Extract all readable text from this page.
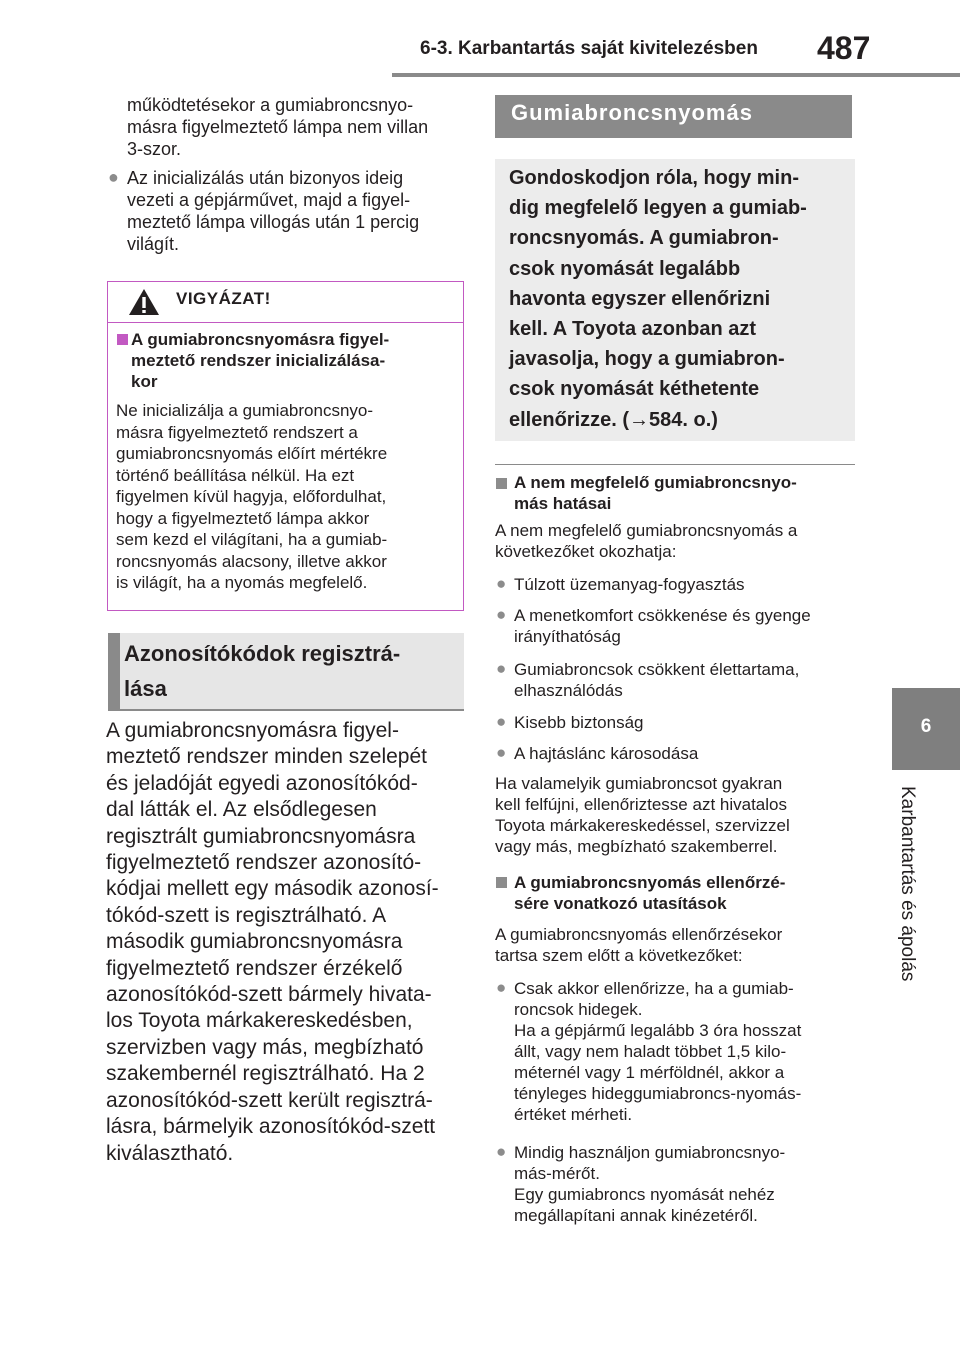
6-3. Karbantartás saját kivitelezésben 487
6
Karbantartás és ápolás
működtetésekor a gumiabroncsnyo-
másra figyelmeztető lámpa nem villan
3-szor.
● Az inicializálás után bizonyos ideig
vezeti a gépjárművet, majd a figyel-
meztető lámpa villogás után 1 percig
világít.
VIGYÁZAT!
A gumiabroncsnyomásra figyel-
meztető rendszer inicializálása-
kor
Ne inicializálja a gumiabroncsnyo-
másra figyelmeztető rendszert a
gumiabroncsnyomás előírt mértékre
történő beállítása nélkül. Ha ezt
figyelmen kívül hagyja, előfordulhat,
hogy a figyelmeztető lámpa akkor
sem kezd el világítani, ha a gumiab-
roncsnyomás alacsony, illetve akkor
is világít, ha a nyomás megfelelő.
Azonosítókódok regisztrá-
lása
A gumiabroncsnyomásra figyel-
meztető rendszer minden szelepét
és jeladóját egyedi azonosítókód-
dal látták el. Az elsődlegesen
regisztrált gumiabroncsnyomásra
figyelmeztető rendszer azonosító-
kódjai mellett egy második azonosí-
tókód-szett is regisztrálható. A
második gumiabroncsnyomásra
figyelmeztető rendszer érzékelő
azonosítókód-szett bármely hivata-
los Toyota márkakereskedésben,
szervizben vagy más, megbízható
szakembernél regisztrálható. Ha 2
azonosítókód-szett került regisztrá-
lásra, bármelyik azonosítókód-szett
kiválasztható.
Gumiabroncsnyomás
Gondoskodjon róla, hogy min-
dig megfelelő legyen a gumiab-
roncsnyomás. A gumiabron-
csok nyomását legalább
havonta egyszer ellenőrizni
kell. A Toyota azonban azt
javasolja, hogy a gumiabron-
csok nyomását kéthetente
ellenőrizze. (→584. o.)
A nem megfelelő gumiabroncsnyo-
más hatásai
A nem megfelelő gumiabroncsnyomás a
következőket okozhatja:
● Túlzott üzemanyag-fogyasztás
● A menetkomfort csökkenése és gyenge
irányíthatóság
● Gumiabroncsok csökkent élettartama,
elhasználódás
● Kisebb biztonság
● A hajtáslánc károsodása
Ha valamelyik gumiabroncsot gyakran
kell felfújni, ellenőriztesse azt hivatalos
Toyota márkakereskedéssel, szervizzel
vagy más, megbízható szakemberrel.
A gumiabroncsnyomás ellenőrzé-
sére vonatkozó utasítások
A gumiabroncsnyomás ellenőrzésekor
tartsa szem előtt a következőket:
● Csak akkor ellenőrizze, ha a gumiab-
roncsok hidegek.
Ha a gépjármű legalább 3 óra hosszat
állt, vagy nem haladt többet 1,5 kilo-
méternél vagy 1 mérföldnél, akkor a
tényleges hideggumiabroncs-nyomás-
értéket mérheti.
● Mindig használjon gumiabroncsnyo-
más-mérőt.
Egy gumiabroncs nyomását nehéz
megállapítani annak kinézetéről.
